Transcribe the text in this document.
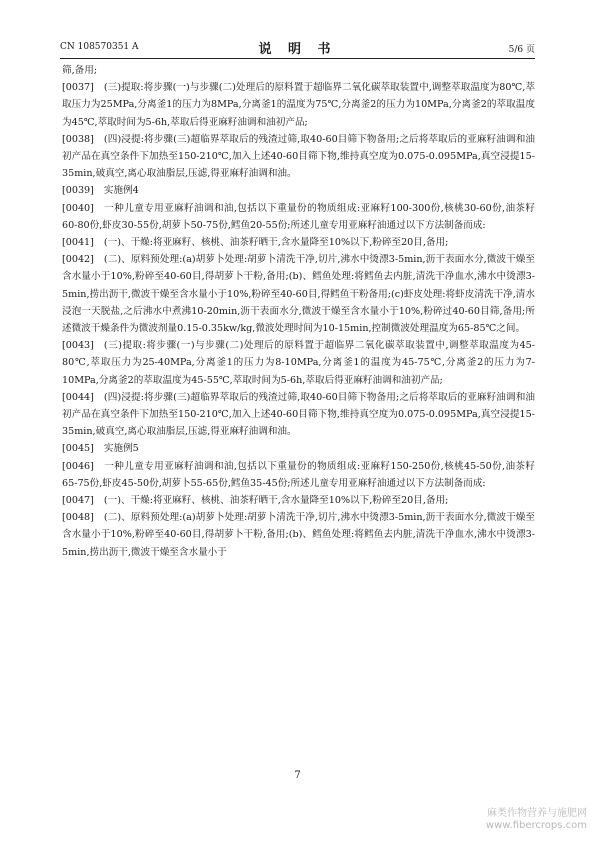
CN 108570351 A	说 明 书	5/6 页

筛,备用;

[0037] (三)提取:将步骤(一)与步骤(二)处理后的原料置于超临界二氧化碳萃取装置中,调整萃取温度为80℃,萃取压力为25MPa,分离釜1的压力为8MPa,分离釜1的温度为75℃,分离釜2的压力为10MPa,分离釜2的萃取温度为45℃,萃取时间为5-6h,萃取后得亚麻籽油调和油初产品;

[0038] (四)浸提:将步骤(三)超临界萃取后的残渣过筛,取40-60目筛下物备用;之后将萃取后的亚麻籽油调和油初产品在真空条件下加热至150-210℃,加入上述40-60目筛下物,维持真空度为0.075-0.095MPa,真空浸提15-35min,破真空,离心取油脂层,压滤,得亚麻籽油调和油。

[0039] 实施例4

[0040] 一种儿童专用亚麻籽油调和油,包括以下重量份的物质组成:亚麻籽100-300份,核桃30-60份,油茶籽60-80份,虾皮30-55份,胡萝卜50-75份,鳕鱼20-55份;所述儿童专用亚麻籽油通过以下方法制备而成:

[0041] (一)、干燥:将亚麻籽、核桃、油茶籽晒干,含水量降至10%以下,粉碎至20目,备用;

[0042] (二)、原料预处理:(a)胡萝卜处理:胡萝卜清洗干净,切片,沸水中烫漂3-5min,沥干表面水分,微波干燥至含水量小于10%,粉碎至40-60目,得胡萝卜干粉,备用;(b)、鳕鱼处理:将鳕鱼去内脏,清洗干净血水,沸水中烫漂3-5min,捞出沥干,微波干燥至含水量小于10%,粉碎至40-60目,得鳕鱼干粉备用;(c)虾皮处理:将虾皮清洗干净,清水浸泡一天脱盐,之后沸水中煮沸10-20min,沥干表面水分,微波干燥至含水量小于10%,粉碎过40-60目筛,备用;所述微波干燥条件为微波剂量0.15-0.35kw/kg,微波处理时间为10-15min,控制微波处理温度为65-85℃之间。

[0043] (三)提取:将步骤(一)与步骤(二)处理后的原料置于超临界二氧化碳萃取装置中,调整萃取温度为45-80℃,萃取压力为25-40MPa,分离釜1的压力为8-10MPa,分离釜1的温度为45-75℃,分离釜2的压力为7-10MPa,分离釜2的萃取温度为45-55℃,萃取时间为5-6h,萃取后得亚麻籽油调和油初产品;

[0044] (四)浸提:将步骤(三)超临界萃取后的残渣过筛,取40-60目筛下物备用;之后将萃取后的亚麻籽油调和油初产品在真空条件下加热至150-210℃,加入上述40-60目筛下物,维持真空度为0.075-0.095MPa,真空浸提15-35min,破真空,离心取油脂层,压滤,得亚麻籽油调和油。

[0045] 实施例5

[0046] 一种儿童专用亚麻籽油调和油,包括以下重量份的物质组成:亚麻籽150-250份,核桃45-50份,油茶籽65-75份,虾皮45-50份,胡萝卜55-65份,鳕鱼35-45份;所述儿童专用亚麻籽油通过以下方法制备而成:

[0047] (一)、干燥:将亚麻籽、核桃、油茶籽晒干,含水量降至10%以下,粉碎至20目,备用;

[0048] (二)、原料预处理:(a)胡萝卜处理:胡萝卜清洗干净,切片,沸水中烫漂3-5min,沥干表面水分,微波干燥至含水量小于10%,粉碎至40-60目,得胡萝卜干粉,备用;(b)、鳕鱼处理:将鳕鱼去内脏,清洗干净血水,沸水中烫漂3-5min,捞出沥干,微波干燥至含水量小于

7
麻类作物营养与施肥网
www.fibercrops.com
